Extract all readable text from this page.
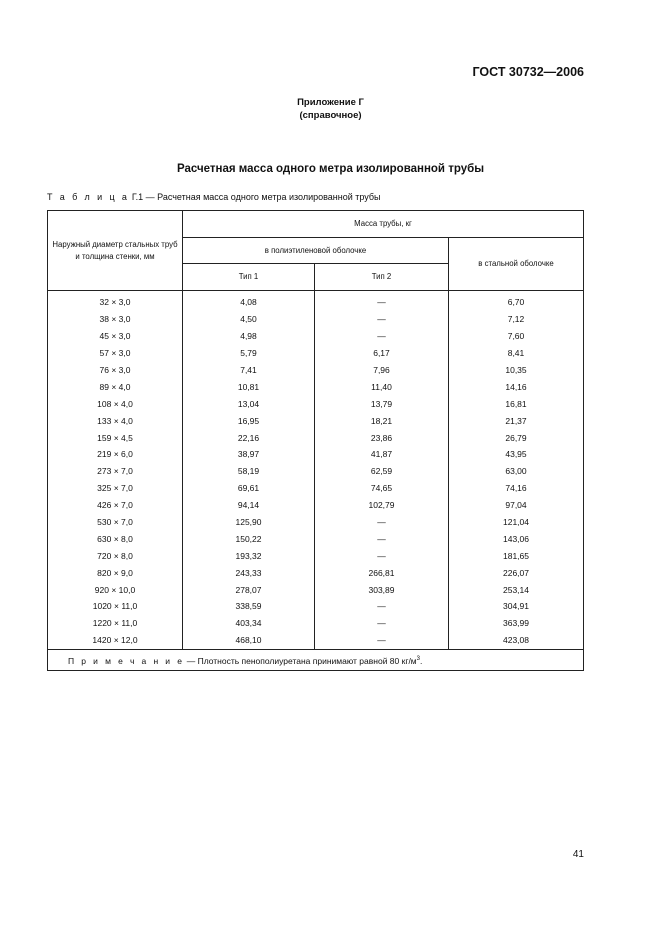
ГОСТ 30732—2006
Приложение Г
(справочное)
Расчетная масса одного метра изолированной трубы
Т а б л и ц а Г.1 — Расчетная масса одного метра изолированной трубы
Наружный диаметр стальных труб и толщина стенки, мм	Масса трубы, кг		
	в полиэтиленовой оболочке		в стальной оболочке
	Тип 1	Тип 2	
32 × 3,0	4,08	—	6,70
38 × 3,0	4,50	—	7,12
45 × 3,0	4,98	—	7,60
57 × 3,0	5,79	6,17	8,41
76 × 3,0	7,41	7,96	10,35
89 × 4,0	10,81	11,40	14,16
108 × 4,0	13,04	13,79	16,81
133 × 4,0	16,95	18,21	21,37
159 × 4,5	22,16	23,86	26,79
219 × 6,0	38,97	41,87	43,95
273 × 7,0	58,19	62,59	63,00
325 × 7,0	69,61	74,65	74,16
426 × 7,0	94,14	102,79	97,04
530 × 7,0	125,90	—	121,04
630 × 8,0	150,22	—	143,06
720 × 8,0	193,32	—	181,65
820 × 9,0	243,33	266,81	226,07
920 × 10,0	278,07	303,89	253,14
1020 × 11,0	338,59	—	304,91
1220 × 11,0	403,34	—	363,99
1420 × 12,0	468,10	—	423,08
П р и м е ч а н и е — Плотность пенополиуретана принимают равной 80 $кг/м^3$.			
41
